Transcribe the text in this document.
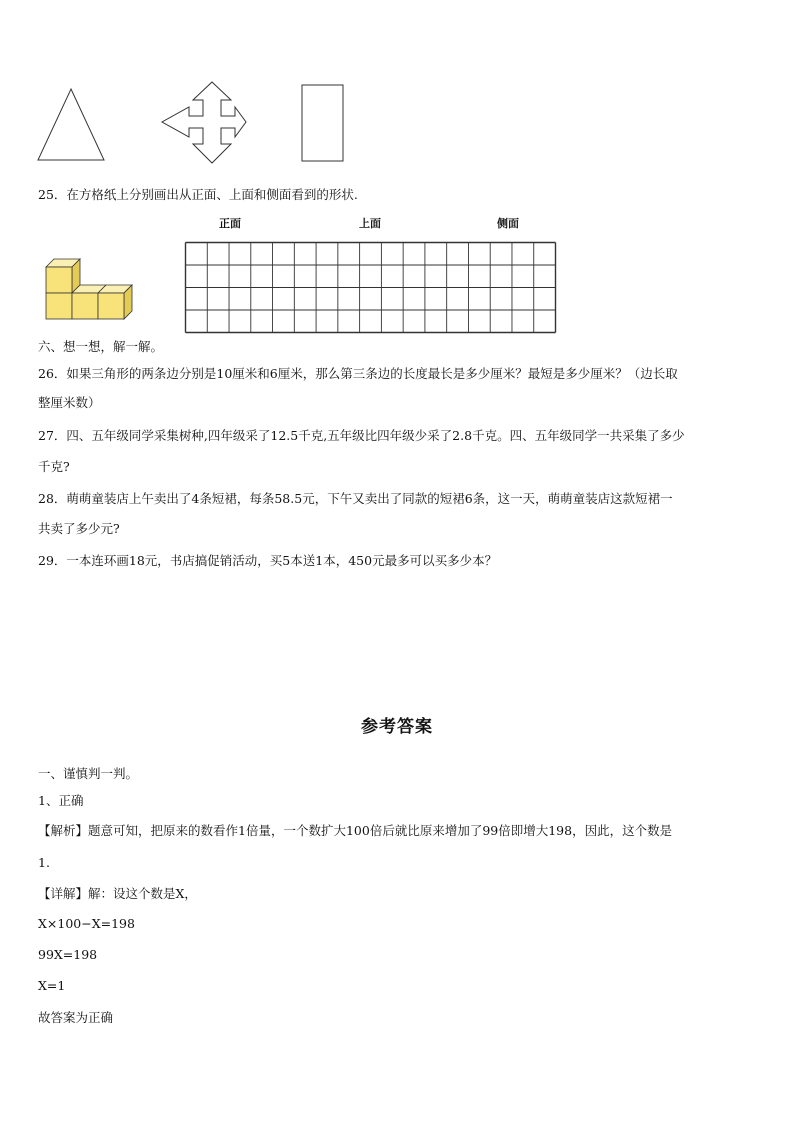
25．在方格纸上分别画出从正面、上面和侧面看到的形状.
正面	上面	侧面
六、想一想，解一解。
26．如果三角形的两条边分别是10厘米和6厘米，那么第三条边的长度最长是多少厘米？最短是多少厘米？（边长取
整厘米数）
27．四、五年级同学采集树种,四年级采了12.5千克,五年级比四年级少采了2.8千克。四、五年级同学一共采集了多少
千克?
28．萌萌童装店上午卖出了4条短裙，每条58.5元，下午又卖出了同款的短裙6条，这一天，萌萌童装店这款短裙一
共卖了多少元?
29．一本连环画18元，书店搞促销活动，买5本送1本，450元最多可以买多少本？
参考答案
一、谨慎判一判。
1、正确
【解析】题意可知，把原来的数看作1倍量，一个数扩大100倍后就比原来增加了99倍即增大198，因此，这个数是
1.
【详解】解：设这个数是X，
X×100−X=198
99X=198
X=1
故答案为正确
